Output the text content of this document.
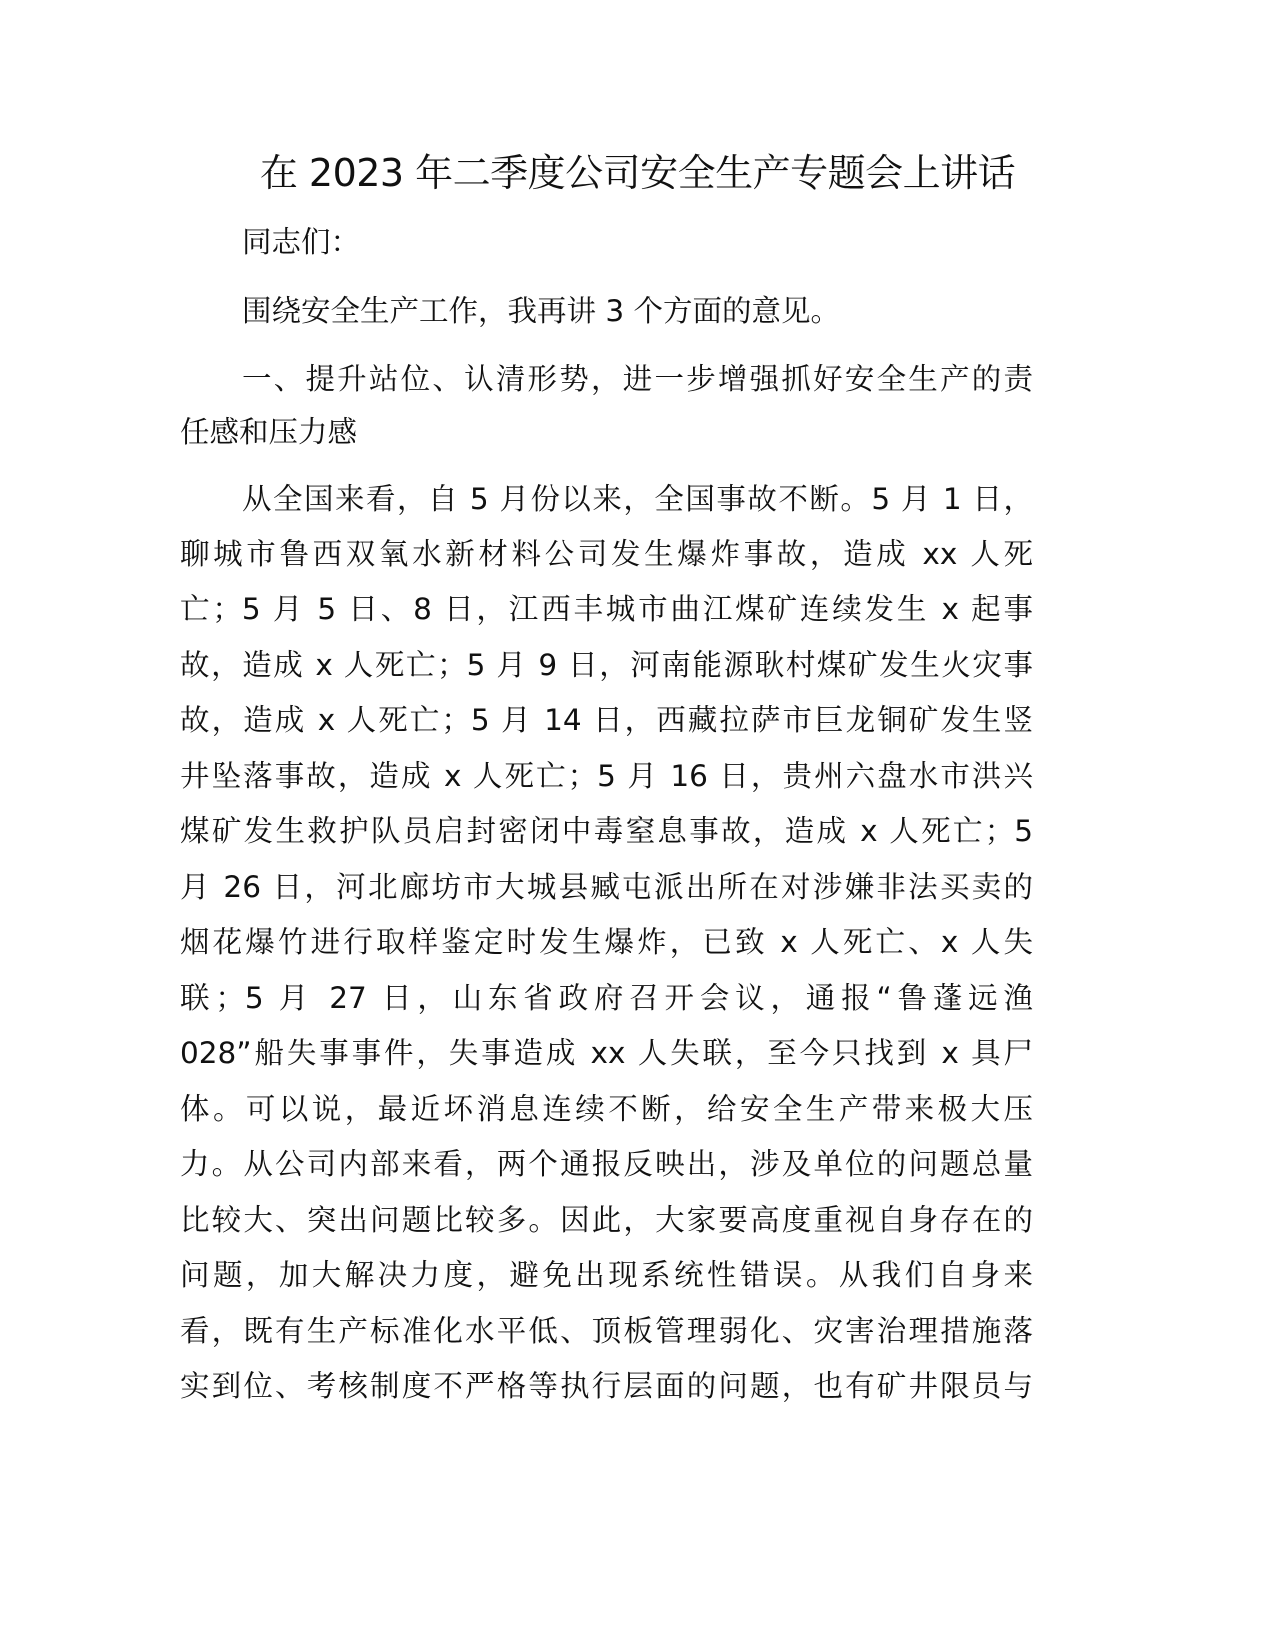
在 2023 年二季度公司安全生产专题会上讲话
同志们：
围绕安全生产工作，我再讲 3 个方面的意见。
一、提升站位、认清形势，进一步增强抓好安全生产的责
任感和压力感
从全国来看，自 5 月份以来，全国事故不断。5 月 1 日，
聊城市鲁西双氧水新材料公司发生爆炸事故，造成 xx 人死
亡；5 月 5 日、8 日，江西丰城市曲江煤矿连续发生 x 起事
故，造成 x 人死亡；5 月 9 日，河南能源耿村煤矿发生火灾事
故，造成 x 人死亡；5 月 14 日，西藏拉萨市巨龙铜矿发生竖
井坠落事故，造成 x 人死亡；5 月 16 日，贵州六盘水市洪兴
煤矿发生救护队员启封密闭中毒窒息事故，造成 x 人死亡；5
月 26 日，河北廊坊市大城县臧屯派出所在对涉嫌非法买卖的
烟花爆竹进行取样鉴定时发生爆炸，已致 x 人死亡、x 人失
联；5 月 27 日，山东省政府召开会议，通报“鲁蓬远渔
028”船失事事件，失事造成 xx 人失联，至今只找到 x 具尸
体。可以说，最近坏消息连续不断，给安全生产带来极大压
力。从公司内部来看，两个通报反映出，涉及单位的问题总量
比较大、突出问题比较多。因此，大家要高度重视自身存在的
问题，加大解决力度，避免出现系统性错误。从我们自身来
看，既有生产标准化水平低、顶板管理弱化、灾害治理措施落
实到位、考核制度不严格等执行层面的问题，也有矿井限员与
